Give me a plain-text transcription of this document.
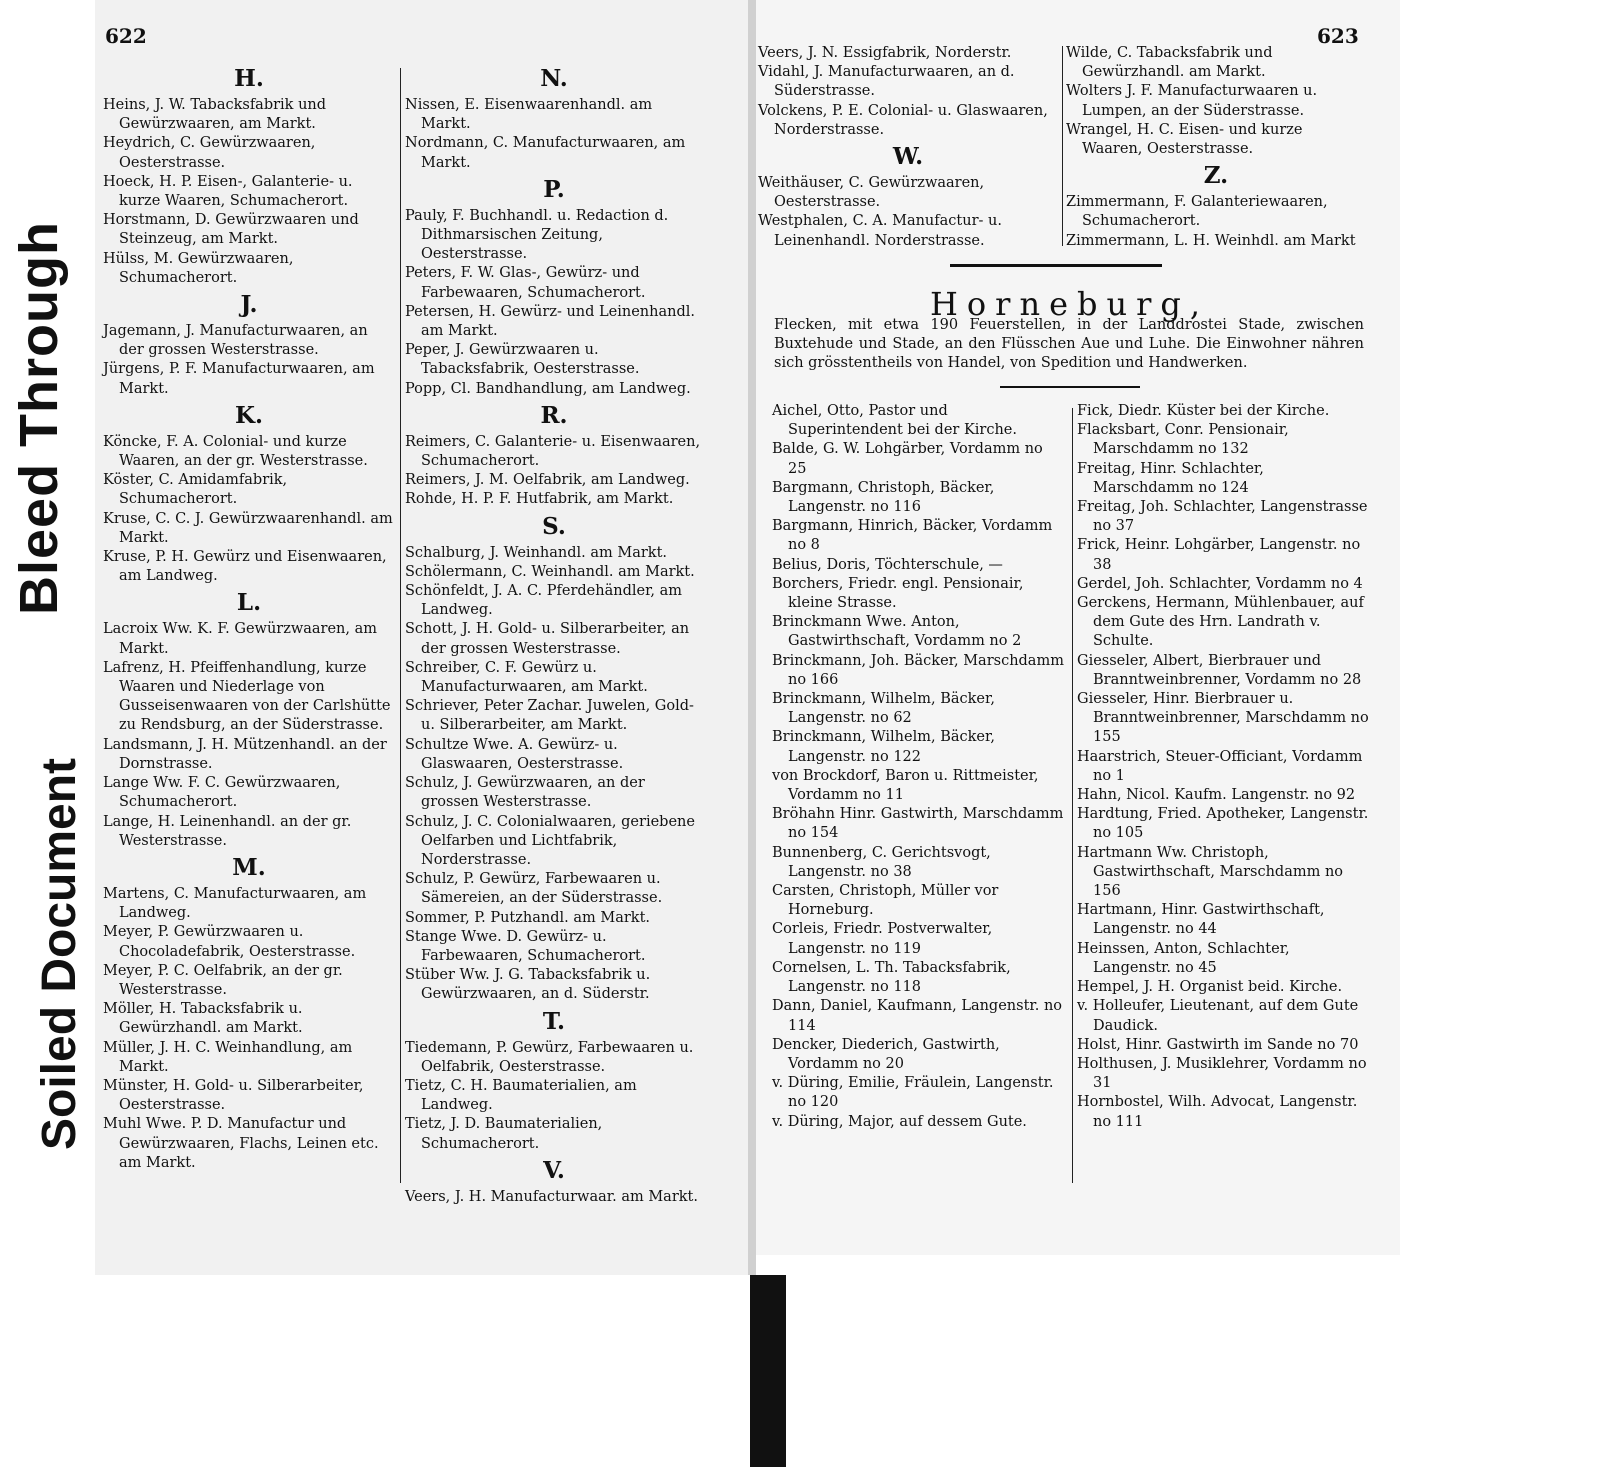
Bleed Through
Soiled Document
622	623
H.
Heins, J. W. Tabacksfabrik und Gewürzwaaren, am Markt.
Heydrich, C. Gewürzwaaren, Oesterstrasse.
Hoeck, H. P. Eisen-, Galanterie- u. kurze Waaren, Schumacherort.
Horstmann, D. Gewürzwaaren und Steinzeug, am Markt.
Hülss, M. Gewürzwaaren, Schumacherort.
J.
Jagemann, J. Manufacturwaaren, an der grossen Westerstrasse.
Jürgens, P. F. Manufacturwaaren, am Markt.
K.
Köncke, F. A. Colonial- und kurze Waaren, an der gr. Westerstrasse.
Köster, C. Amidamfabrik, Schumacherort.
Kruse, C. C. J. Gewürzwaarenhandl. am Markt.
Kruse, P. H. Gewürz und Eisenwaaren, am Landweg.
L.
Lacroix Ww. K. F. Gewürzwaaren, am Markt.
Lafrenz, H. Pfeiffenhandlung, kurze Waaren und Niederlage von Gusseisenwaaren von der Carlshütte zu Rendsburg, an der Süderstrasse.
Landsmann, J. H. Mützenhandl. an der Dornstrasse.
Lange Ww. F. C. Gewürzwaaren, Schumacherort.
Lange, H. Leinenhandl. an der gr. Westerstrasse.
M.
Martens, C. Manufacturwaaren, am Landweg.
Meyer, P. Gewürzwaaren u. Chocoladefabrik, Oesterstrasse.
Meyer, P. C. Oelfabrik, an der gr. Westerstrasse.
Möller, H. Tabacksfabrik u. Gewürzhandl. am Markt.
Müller, J. H. C. Weinhandlung, am Markt.
Münster, H. Gold- u. Silberarbeiter, Oesterstrasse.
Muhl Wwe. P. D. Manufactur und Gewürzwaaren, Flachs, Leinen etc. am Markt.
N.
Nissen, E. Eisenwaarenhandl. am Markt.
Nordmann, C. Manufacturwaaren, am Markt.
P.
Pauly, F. Buchhandl. u. Redaction d. Dithmarsischen Zeitung, Oesterstrasse.
Peters, F. W. Glas-, Gewürz- und Farbewaaren, Schumacherort.
Petersen, H. Gewürz- und Leinenhandl. am Markt.
Peper, J. Gewürzwaaren u. Tabacksfabrik, Oesterstrasse.
Popp, Cl. Bandhandlung, am Landweg.
R.
Reimers, C. Galanterie- u. Eisenwaaren, Schumacherort.
Reimers, J. M. Oelfabrik, am Landweg.
Rohde, H. P. F. Hutfabrik, am Markt.
S.
Schalburg, J. Weinhandl. am Markt.
Schölermann, C. Weinhandl. am Markt.
Schönfeldt, J. A. C. Pferdehändler, am Landweg.
Schott, J. H. Gold- u. Silberarbeiter, an der grossen Westerstrasse.
Schreiber, C. F. Gewürz u. Manufacturwaaren, am Markt.
Schriever, Peter Zachar. Juwelen, Gold- u. Silberarbeiter, am Markt.
Schultze Wwe. A. Gewürz- u. Glaswaaren, Oesterstrasse.
Schulz, J. Gewürzwaaren, an der grossen Westerstrasse.
Schulz, J. C. Colonialwaaren, geriebene Oelfarben und Lichtfabrik, Norderstrasse.
Schulz, P. Gewürz, Farbewaaren u. Sämereien, an der Süderstrasse.
Sommer, P. Putzhandl. am Markt.
Stange Wwe. D. Gewürz- u. Farbewaaren, Schumacherort.
Stüber Ww. J. G. Tabacksfabrik u. Gewürzwaaren, an d. Süderstr.
T.
Tiedemann, P. Gewürz, Farbewaaren u. Oelfabrik, Oesterstrasse.
Tietz, C. H. Baumaterialien, am Landweg.
Tietz, J. D. Baumaterialien, Schumacherort.
V.
Veers, J. H. Manufacturwaar. am Markt.
Veers, J. N. Essigfabrik, Norderstr.
Vidahl, J. Manufacturwaaren, an d. Süderstrasse.
Volckens, P. E. Colonial- u. Glaswaaren, Norderstrasse.
W.
Weithäuser, C. Gewürzwaaren, Oesterstrasse.
Westphalen, C. A. Manufactur- u. Leinenhandl. Norderstrasse.
Wilde, C. Tabacksfabrik und Gewürzhandl. am Markt.
Wolters J. F. Manufacturwaaren u. Lumpen, an der Süderstrasse.
Wrangel, H. C. Eisen- und kurze Waaren, Oesterstrasse.
Z.
Zimmermann, F. Galanteriewaaren, Schumacherort.
Zimmermann, L. H. Weinhdl. am Markt
Horneburg,
Flecken, mit etwa 190 Feuerstellen, in der Landdrostei Stade, zwischen Buxtehude und Stade, an den Flüsschen Aue und Luhe. Die Einwohner nähren sich grösstentheils von Handel, von Spedition und Handwerken.
Aichel, Otto, Pastor und Superintendent bei der Kirche.
Balde, G. W. Lohgärber, Vordamm no 25
Bargmann, Christoph, Bäcker, Langenstr. no 116
Bargmann, Hinrich, Bäcker, Vordamm no 8
Belius, Doris, Töchterschule, —
Borchers, Friedr. engl. Pensionair, kleine Strasse.
Brinckmann Wwe. Anton, Gastwirthschaft, Vordamm no 2
Brinckmann, Joh. Bäcker, Marschdamm no 166
Brinckmann, Wilhelm, Bäcker, Langenstr. no 62
Brinckmann, Wilhelm, Bäcker, Langenstr. no 122
von Brockdorf, Baron u. Rittmeister, Vordamm no 11
Bröhahn Hinr. Gastwirth, Marschdamm no 154
Bunnenberg, C. Gerichtsvogt, Langenstr. no 38
Carsten, Christoph, Müller vor Horneburg.
Corleis, Friedr. Postverwalter, Langenstr. no 119
Cornelsen, L. Th. Tabacksfabrik, Langenstr. no 118
Dann, Daniel, Kaufmann, Langenstr. no 114
Dencker, Diederich, Gastwirth, Vordamm no 20
v. Düring, Emilie, Fräulein, Langenstr. no 120
v. Düring, Major, auf dessem Gute.
Fick, Diedr. Küster bei der Kirche.
Flacksbart, Conr. Pensionair, Marschdamm no 132
Freitag, Hinr. Schlachter, Marschdamm no 124
Freitag, Joh. Schlachter, Langenstrasse no 37
Frick, Heinr. Lohgärber, Langenstr. no 38
Gerdel, Joh. Schlachter, Vordamm no 4
Gerckens, Hermann, Mühlenbauer, auf dem Gute des Hrn. Landrath v. Schulte.
Giesseler, Albert, Bierbrauer und Branntweinbrenner, Vordamm no 28
Giesseler, Hinr. Bierbrauer u. Branntweinbrenner, Marschdamm no 155
Haarstrich, Steuer-Officiant, Vordamm no 1
Hahn, Nicol. Kaufm. Langenstr. no 92
Hardtung, Fried. Apotheker, Langenstr. no 105
Hartmann Ww. Christoph, Gastwirthschaft, Marschdamm no 156
Hartmann, Hinr. Gastwirthschaft, Langenstr. no 44
Heinssen, Anton, Schlachter, Langenstr. no 45
Hempel, J. H. Organist beid. Kirche.
v. Holleufer, Lieutenant, auf dem Gute Daudick.
Holst, Hinr. Gastwirth im Sande no 70
Holthusen, J. Musiklehrer, Vordamm no 31
Hornbostel, Wilh. Advocat, Langenstr. no 111
